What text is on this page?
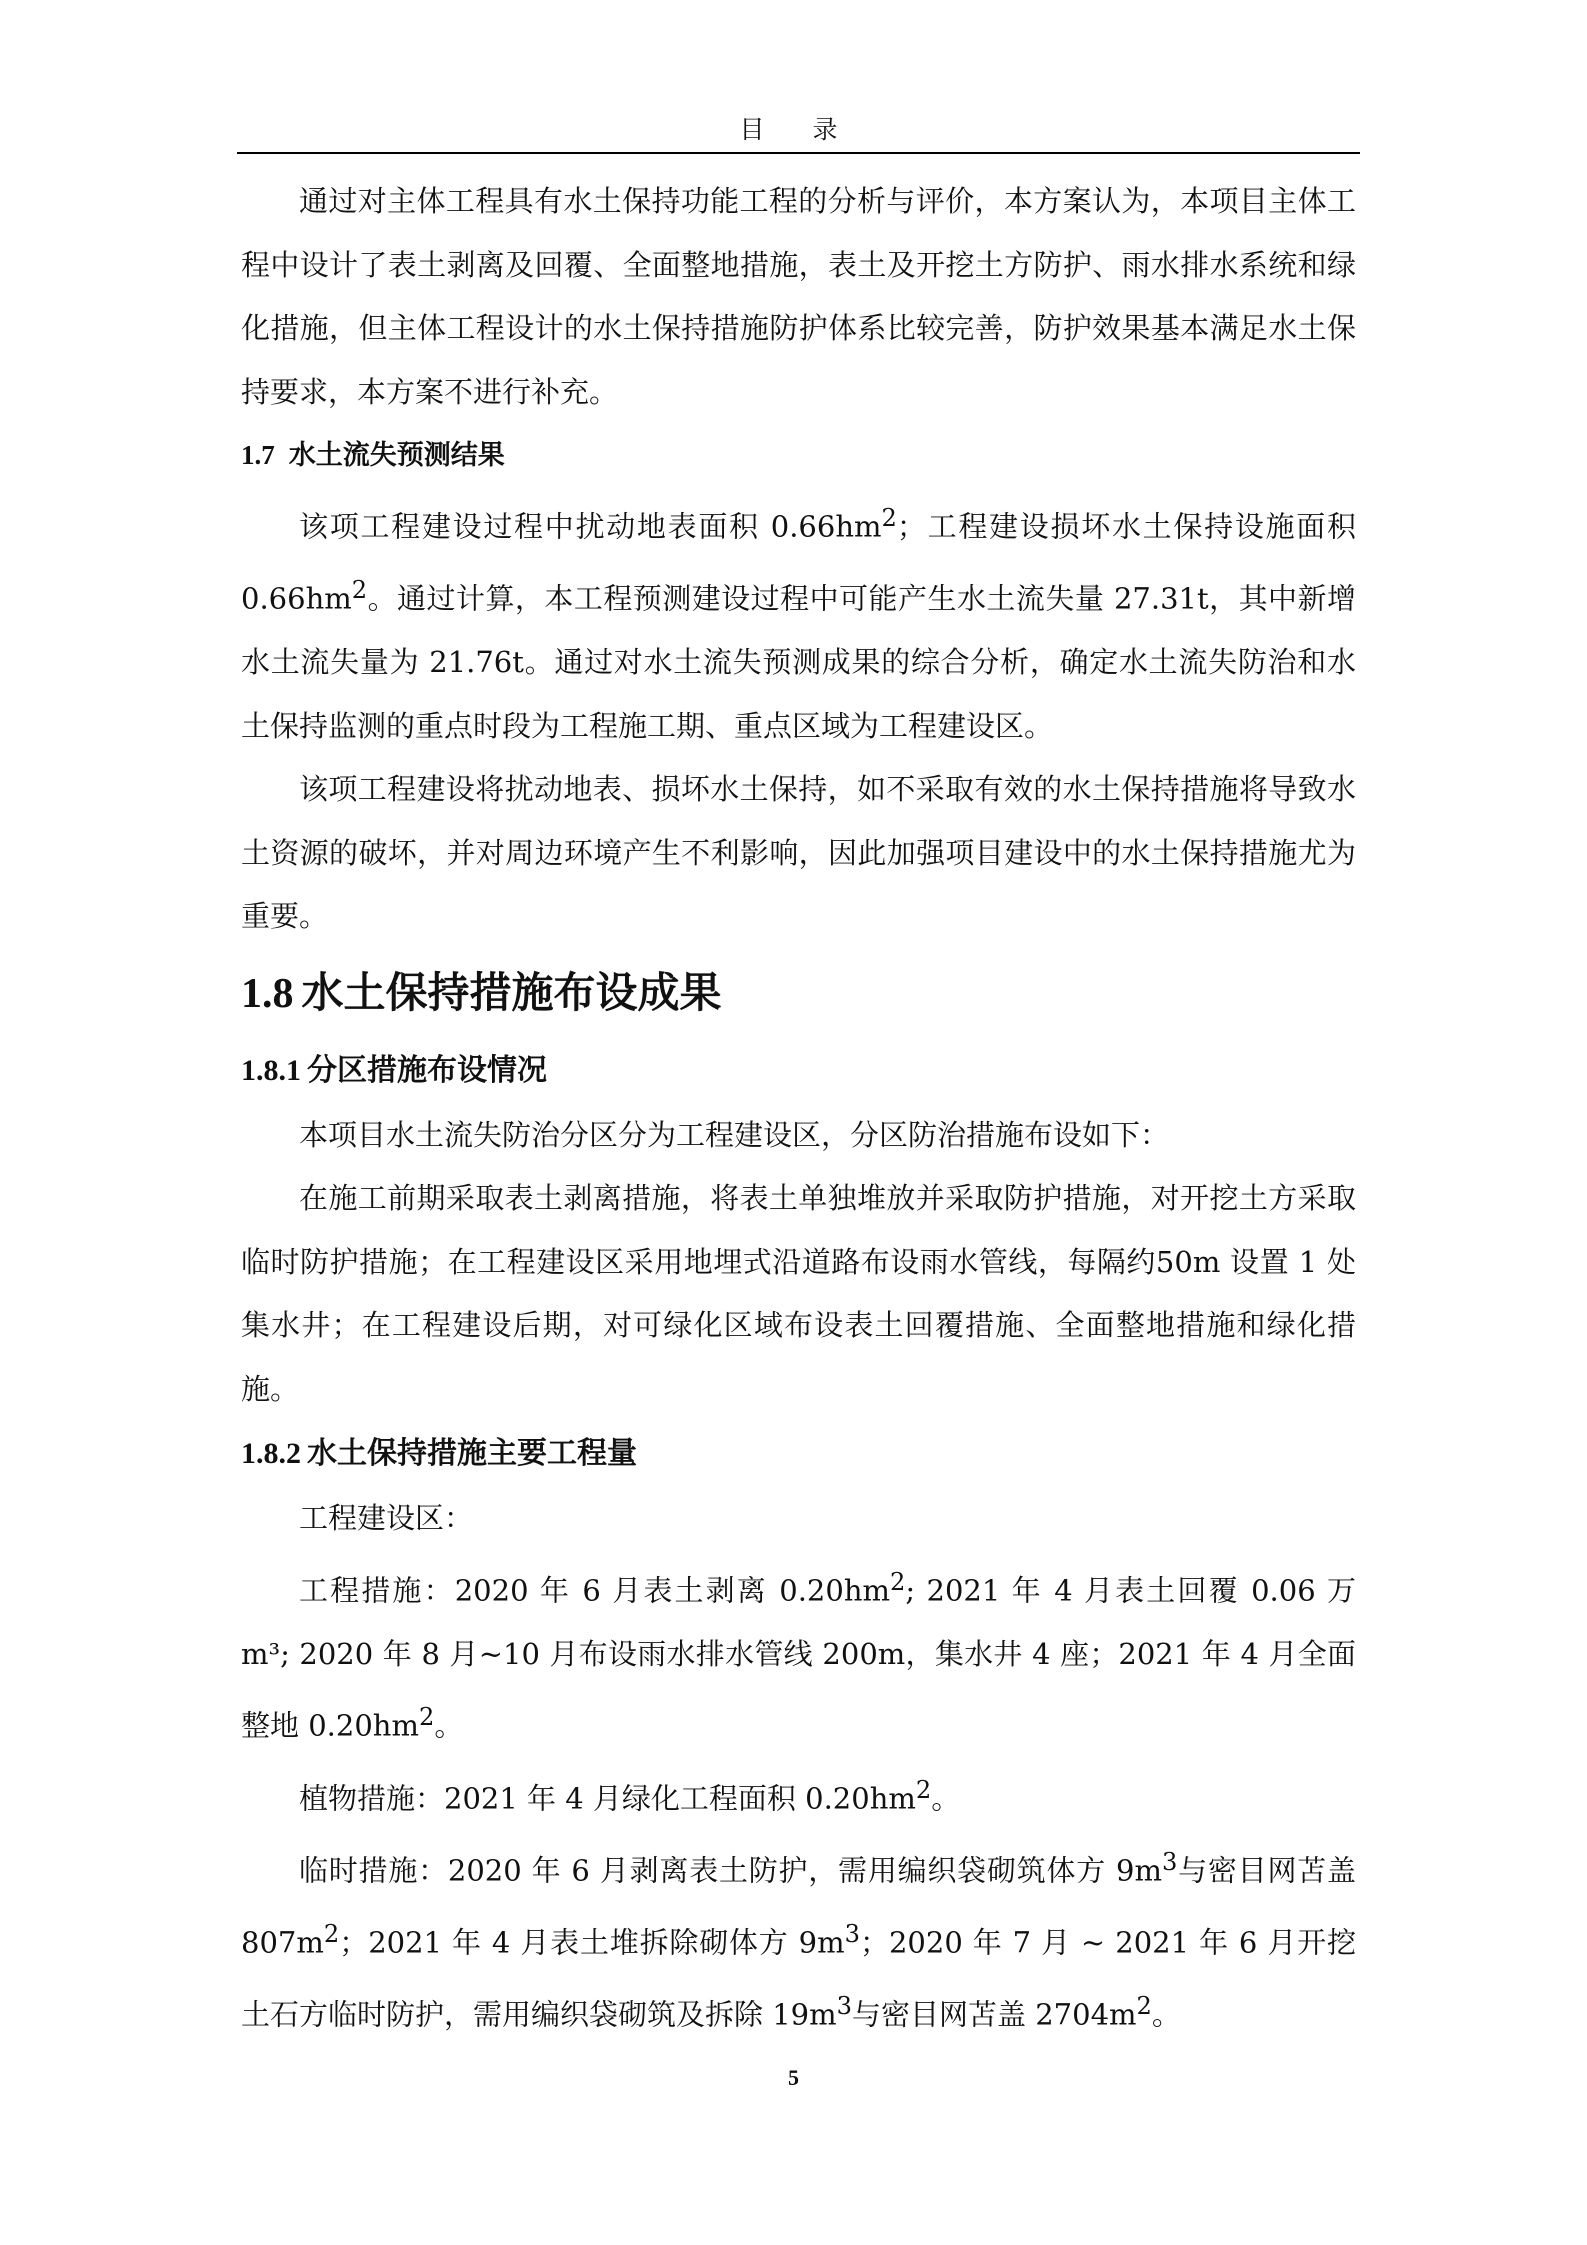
目 录

通过对主体工程具有水土保持功能工程的分析与评价，本方案认为，本项目主体工程中设计了表土剥离及回覆、全面整地措施，表土及开挖土方防护、雨水排水系统和绿化措施，但主体工程设计的水土保持措施防护体系比较完善，防护效果基本满足水土保持要求，本方案不进行补充。

1.7 水土流失预测结果

该项工程建设过程中扰动地表面积 $0.66hm^2$；工程建设损坏水土保持设施面积 $0.66hm^2$。通过计算，本工程预测建设过程中可能产生水土流失量 27.31t，其中新增水土流失量为 21.76t。通过对水土流失预测成果的综合分析，确定水土流失防治和水土保持监测的重点时段为工程施工期、重点区域为工程建设区。

该项工程建设将扰动地表、损坏水土保持，如不采取有效的水土保持措施将导致水土资源的破坏，并对周边环境产生不利影响，因此加强项目建设中的水土保持措施尤为重要。

1.8 水土保持措施布设成果

1.8.1 分区措施布设情况

本项目水土流失防治分区分为工程建设区，分区防治措施布设如下：

在施工前期采取表土剥离措施，将表土单独堆放并采取防护措施，对开挖土方采取临时防护措施；在工程建设区采用地埋式沿道路布设雨水管线，每隔约50m 设置 1 处集水井；在工程建设后期，对可绿化区域布设表土回覆措施、全面整地措施和绿化措施。

1.8.2 水土保持措施主要工程量

工程建设区：

工程措施：2020 年 6 月表土剥离 $0.20hm^2$; 2021 年 4 月表土回覆 0.06 万 m³; 2020 年 8 月~10 月布设雨水排水管线 200m，集水井 4 座；2021 年 4 月全面整地 $0.20hm^2$。

植物措施：2021 年 4 月绿化工程面积 $0.20hm^2$。

临时措施：2020 年 6 月剥离表土防护，需用编织袋砌筑体方 $9m^3$与密目网苫盖 $807m^2$；2021 年 4 月表土堆拆除砌体方 $9m^3$；2020 年 7 月 ~ 2021 年 6 月开挖土石方临时防护，需用编织袋砌筑及拆除 $19m^3$与密目网苫盖 $2704m^2$。

5
